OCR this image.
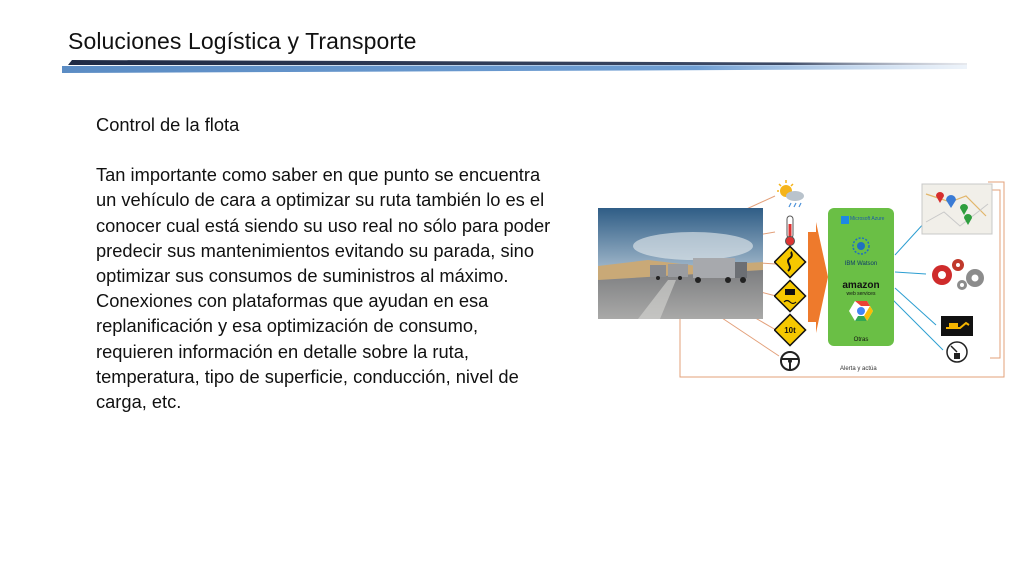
Soluciones Logística y Transporte

Control de la flota

Tan importante como saber en que punto se encuentra

un vehículo de cara a optimizar su ruta también lo es el

conocer cual está siendo su uso real no sólo para poder

predecir sus mantenimientos evitando su parada, sino

optimizar sus consumos de suministros al máximo.

Conexiones con plataformas que ayudan en esa

replanificación y esa optimización de consumo,

requieren información en detalle sobre la ruta,

temperatura, tipo de superficie, conducción, nivel de

carga, etc.

10t
Microsoft Azure
IBM Watson
amazon
web services
Otras
Alerta y actúa
